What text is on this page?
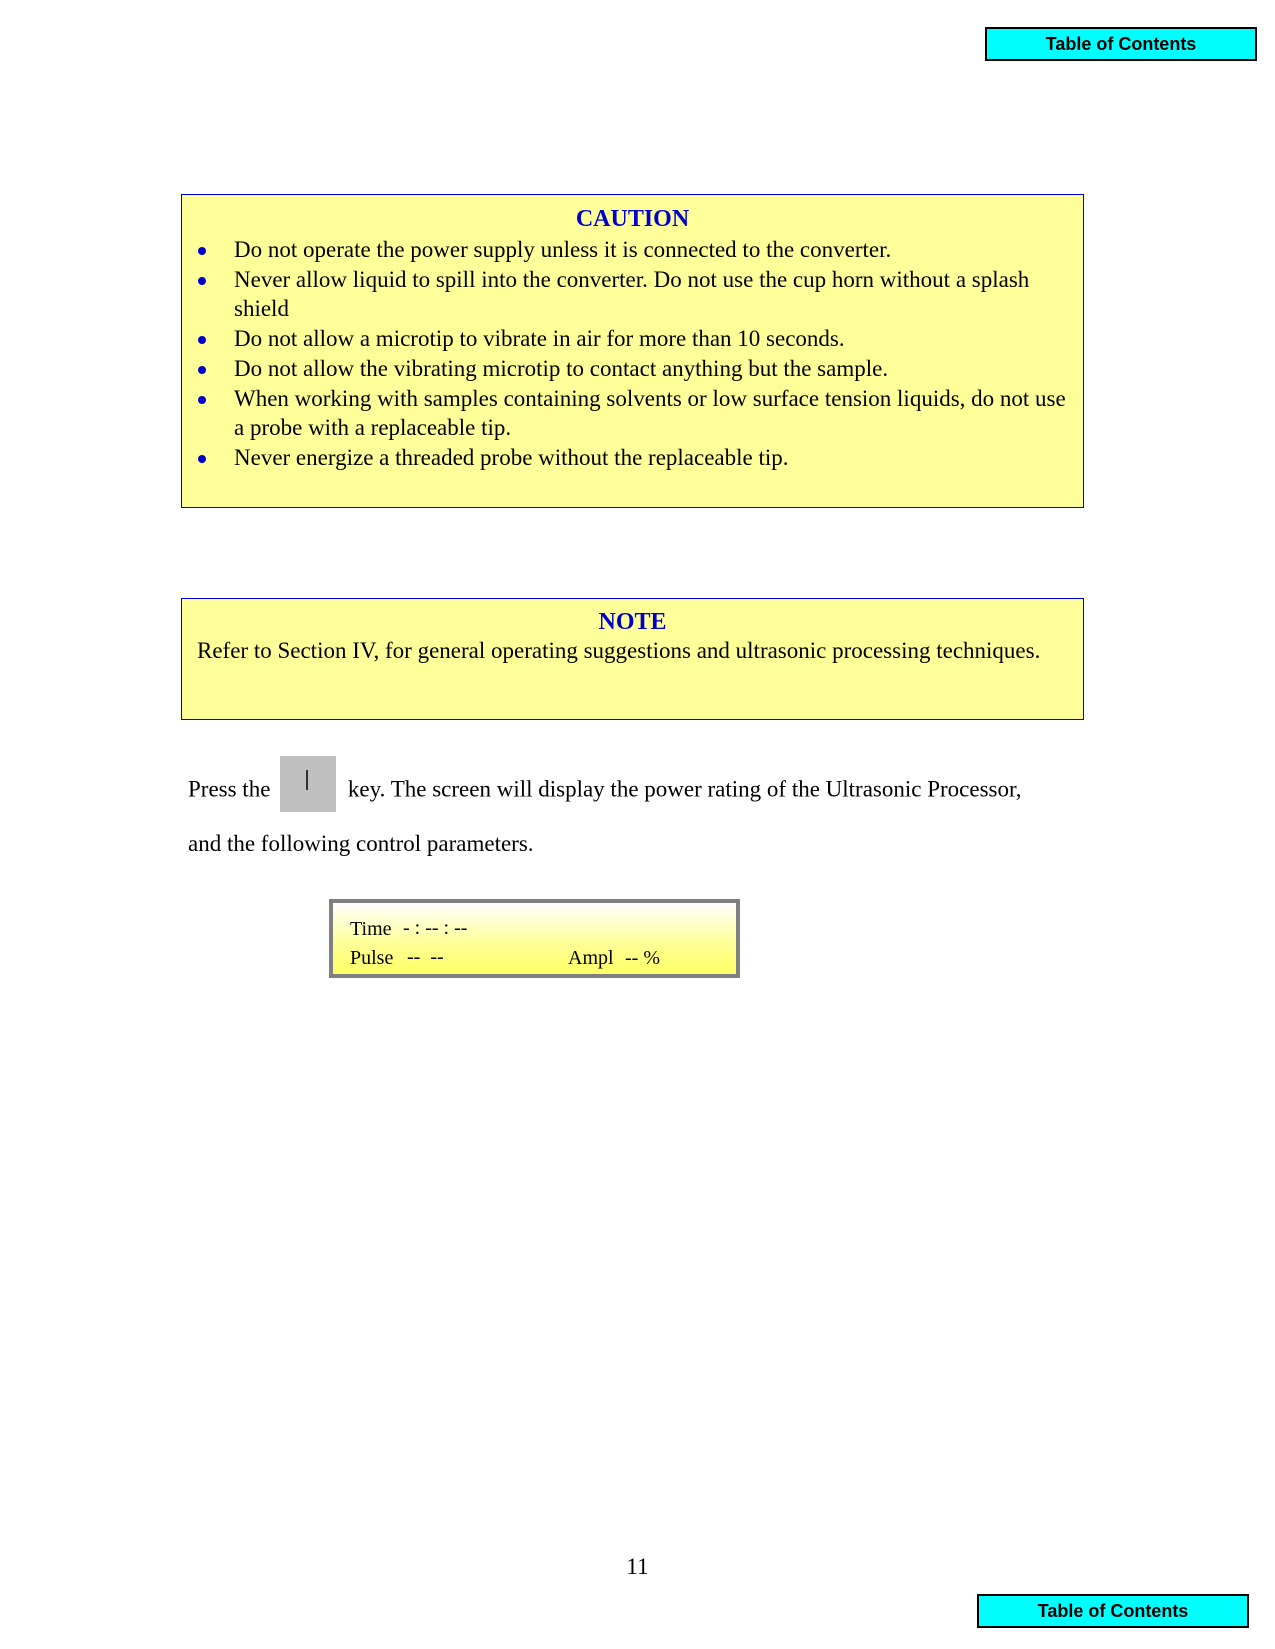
Table of Contents
CAUTION
Do not operate the power supply unless it is connected to the converter.
Never allow liquid to spill into the converter. Do not use the cup horn without a splash shield
Do not allow a microtip to vibrate in air for more than 10 seconds.
Do not allow the vibrating microtip to contact anything but the sample.
When working with samples containing solvents or low surface tension liquids, do not use a probe with a replaceable tip.
Never energize a threaded probe without the replaceable tip.
NOTE
Refer to Section IV, for general operating suggestions and ultrasonic processing techniques.
Press the	key. The screen will display the power rating of the Ultrasonic Processor,
and the following control parameters.
Time - : -- : --
Pulse --  --	Ampl -- %
11
Table of Contents
